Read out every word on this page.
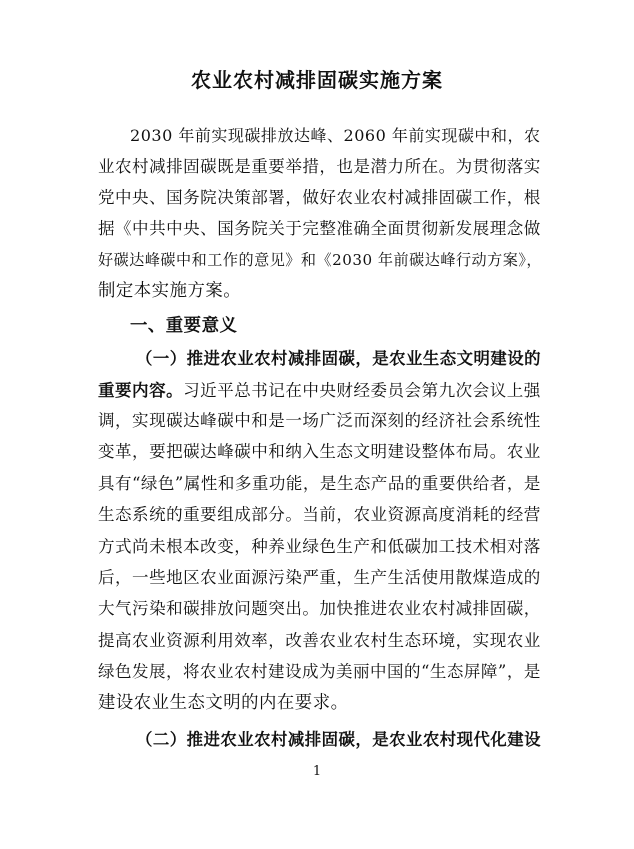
农业农村减排固碳实施方案
2030 年前实现碳排放达峰、2060 年前实现碳中和，农
业农村减排固碳既是重要举措，也是潜力所在。为贯彻落实
党中央、国务院决策部署，做好农业农村减排固碳工作，根
据《中共中央、国务院关于完整准确全面贯彻新发展理念做
好碳达峰碳中和工作的意见》和《2030 年前碳达峰行动方案》，
制定本实施方案。
一、重要意义
（一）推进农业农村减排固碳，是农业生态文明建设的
重要内容。习近平总书记在中央财经委员会第九次会议上强
调，实现碳达峰碳中和是一场广泛而深刻的经济社会系统性
变革，要把碳达峰碳中和纳入生态文明建设整体布局。农业
具有“绿色”属性和多重功能，是生态产品的重要供给者，是
生态系统的重要组成部分。当前，农业资源高度消耗的经营
方式尚未根本改变，种养业绿色生产和低碳加工技术相对落
后，一些地区农业面源污染严重，生产生活使用散煤造成的
大气污染和碳排放问题突出。加快推进农业农村减排固碳，
提高农业资源利用效率，改善农业农村生态环境，实现农业
绿色发展，将农业农村建设成为美丽中国的“生态屏障”，是
建设农业生态文明的内在要求。
（二）推进农业农村减排固碳，是农业农村现代化建设
1
